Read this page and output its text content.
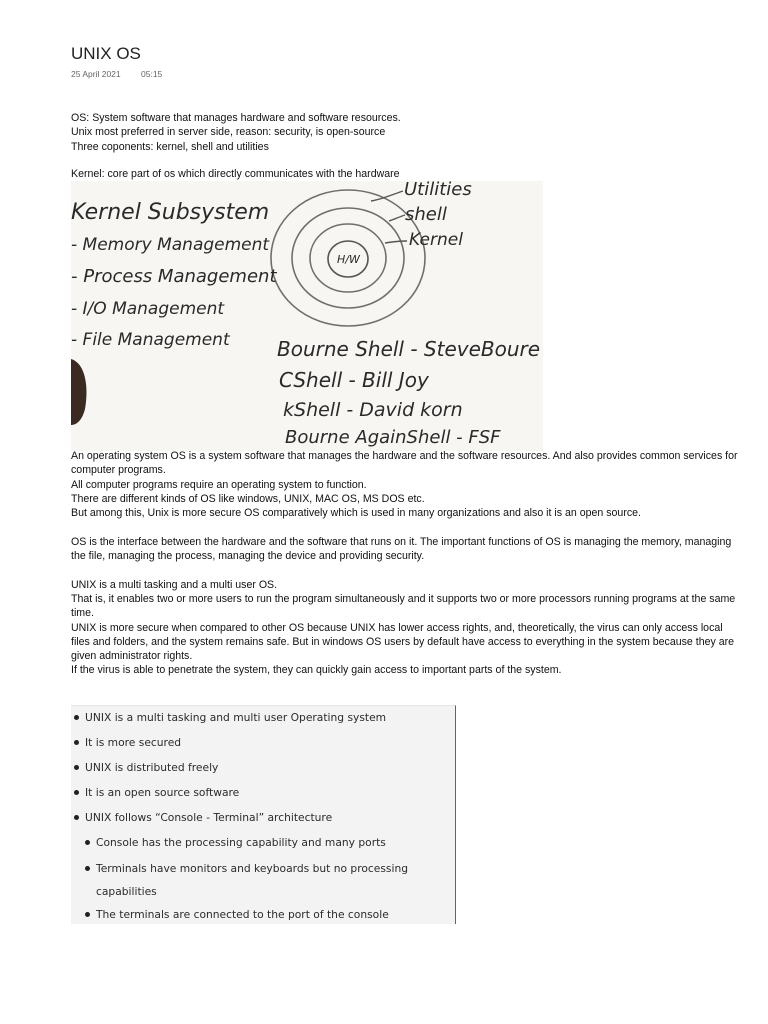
UNIX OS
25 April 2021 05:15

OS: System software that manages hardware and software resources.

Unix most preferred in server side, reason: security, is open-source

Three coponents: kernel, shell and utilities

Kernel: core part of os which directly communicates with the hardware

H/W
Utilities
shell
Kernel
Kernel Subsystem
- Memory Management
- Process Management
- I/O Management
- File Management Bourne Shell - SteveBoure
CShell - Bill Joy
kShell - David korn
Bourne AgainShell - FSF

An operating system OS is a system software that manages the hardware and the software resources. And also provides common services for computer programs.

All computer programs require an operating system to function.

There are different kinds of OS like windows, UNIX, MAC OS, MS DOS etc.

But among this, Unix is more secure OS comparatively which is used in many organizations and also it is an open source.

OS is the interface between the hardware and the software that runs on it. The important functions of OS is managing the memory, managing the file, managing the process, managing the device and providing security.

UNIX is a multi tasking and a multi user OS.

That is, it enables two or more users to run the program simultaneously and it supports two or more processors running programs at the same time.

UNIX is more secure when compared to other OS because UNIX has lower access rights, and, theoretically, the virus can only access local files and folders, and the system remains safe. But in windows OS users by default have access to everything in the system because they are given administrator rights.

If the virus is able to penetrate the system, they can quickly gain access to important parts of the system.

UNIX is a multi tasking and multi user Operating system
It is more secured
UNIX is distributed freely
It is an open source software
UNIX follows “Console - Terminal” architecture
Console has the processing capability and many ports
Terminals have monitors and keyboards but no processing
capabilities
The terminals are connected to the port of the console
